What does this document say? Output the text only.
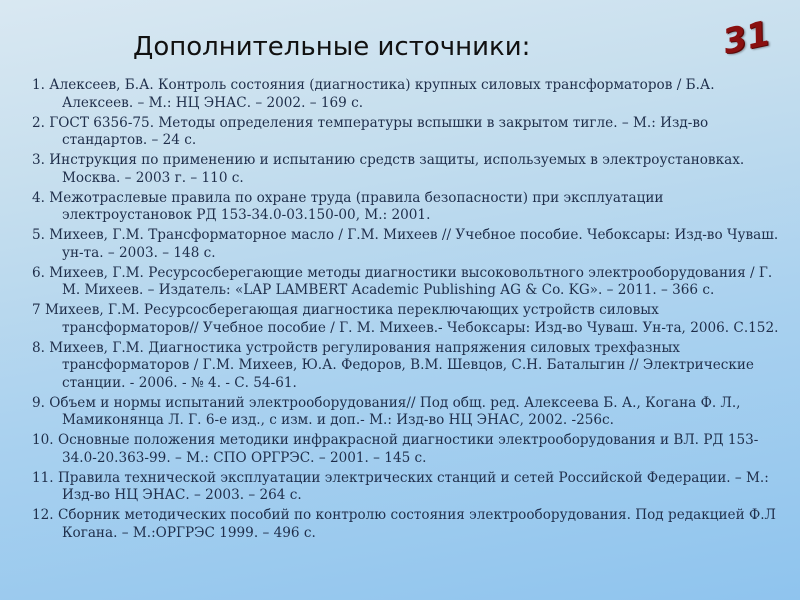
Дополнительные источники:	31
1. Алексеев, Б.А. Контроль состояния (диагностика) крупных силовых трансформаторов / Б.А. Алексеев. – М.: НЦ ЭНАС. – 2002. – 169 с.
2. ГОСТ 6356-75. Методы определения температуры вспышки в закрытом тигле. – М.: Изд-во стандартов. – 24 с.
3. Инструкция по применению и испытанию средств защиты, используемых в электроустановках. Москва. – 2003 г. – 110 с.
4. Межотраслевые правила по охране труда (правила безопасности) при эксплуатации электроустановок РД 153-34.0-03.150-00, М.: 2001.
5. Михеев, Г.М. Трансформаторное масло / Г.М. Михеев // Учебное пособие. Чебоксары: Изд-во Чуваш. ун-та. – 2003. – 148 с.
6. Михеев, Г.М. Ресурсосберегающие методы диагностики высоковольтного электрооборудования / Г. М. Михеев. – Издатель: «LAP LAMBERT Academic Publishing AG & Co. KG». – 2011. – 366 с.
7 Михеев, Г.М. Ресурсосберегающая диагностика переключающих устройств силовых трансформаторов// Учебное пособие / Г. М. Михеев.- Чебоксары: Изд-во Чуваш. Ун-та, 2006. С.152.
8. Михеев, Г.М. Диагностика устройств регулирования напряжения силовых трехфазных трансформаторов / Г.М. Михеев, Ю.А. Федоров, В.М. Шевцов, С.Н. Баталыгин // Электрические станции. - 2006. - № 4. - С. 54-61.
9. Объем и нормы испытаний электрооборудования// Под общ. ред. Алексеева Б. А., Когана Ф. Л., Мамиконянца Л. Г. 6-е изд., с изм. и доп.- М.: Изд-во НЦ ЭНАС, 2002. -256с.
10. Основные положения методики инфракрасной диагностики электрооборудования и ВЛ. РД 153-34.0-20.363-99. – М.: СПО ОРГРЭС. – 2001. – 145 с.
11. Правила технической эксплуатации электрических станций и сетей Российской Федерации. – М.: Изд-во НЦ ЭНАС. – 2003. – 264 с.
12. Сборник методических пособий по контролю состояния электрооборудования. Под редакцией Ф.Л Когана. – М.:ОРГРЭС 1999. – 496 с.
